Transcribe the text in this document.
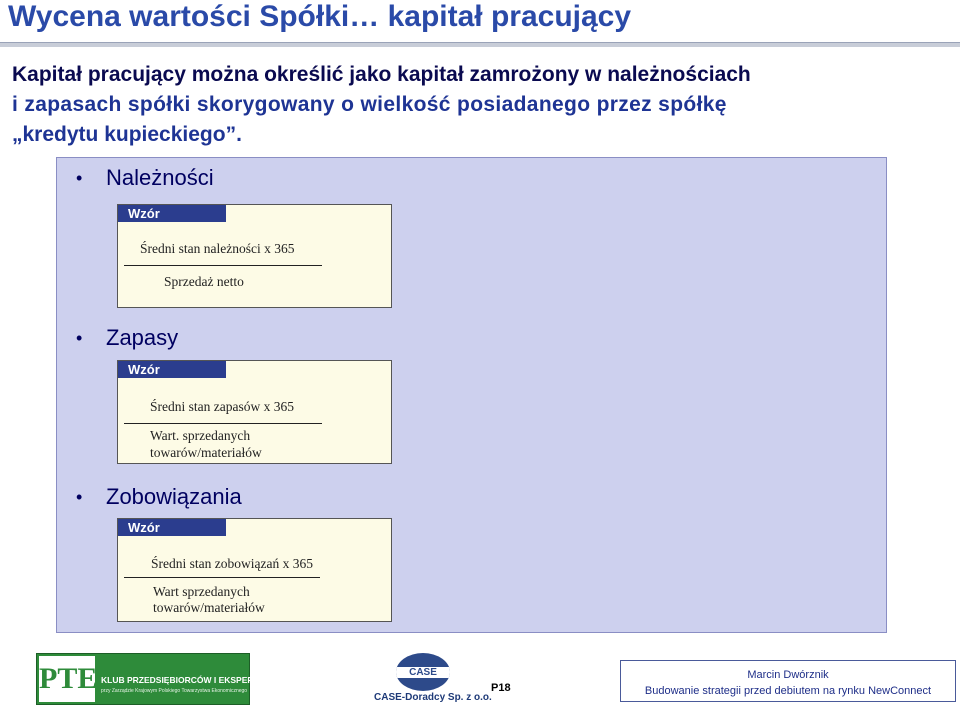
Wycena wartości Spółki… kapitał pracujący
Kapitał pracujący można określić jako kapitał zamrożony w należnościach
i zapasach spółki skorygowany o wielkość posiadanego przez spółkę
„kredytu kupieckiego”.
• Należności
Wzór
Średni stan należności x 365
Sprzedaż netto
• Zapasy
Wzór
Średni stan zapasów x 365
Wart. sprzedanych
towarów/materiałów
• Zobowiązania
Wzór
Średni stan zobowiązań x 365
Wart sprzedanych
towarów/materiałów
PTE KLUB PRZEDSIĘBIORCÓW I EKSPERTÓW
przy Zarządzie Krajowym Polskiego Towarzystwa Ekonomicznego
CASE
CASE-Doradcy Sp. z o.o.
P18
Marcin Dwórznik
Budowanie strategii przed debiutem na rynku NewConnect
